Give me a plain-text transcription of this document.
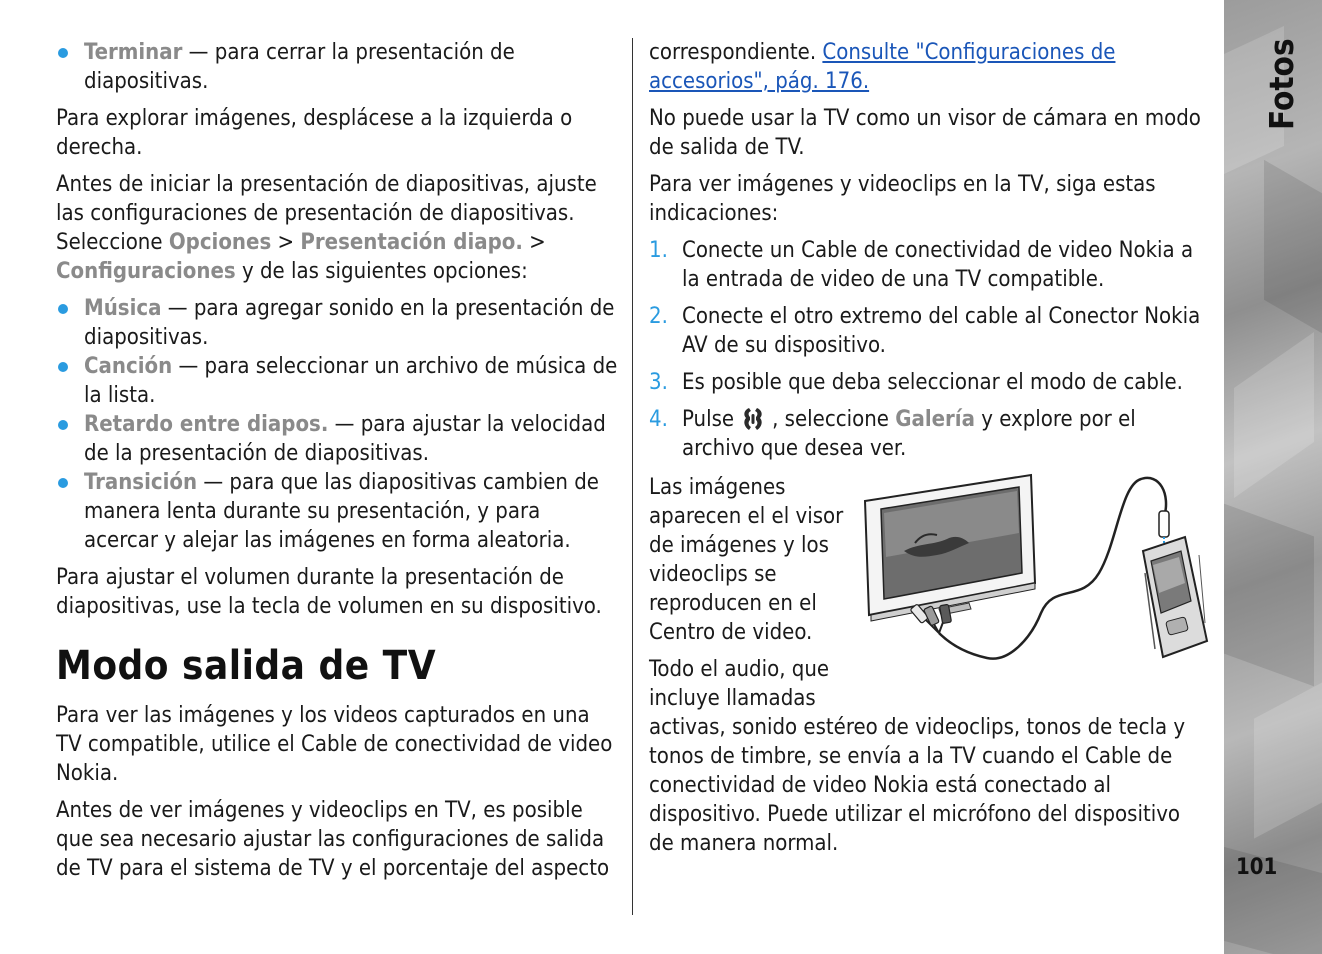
Terminar — para cerrar la presentación de diapositivas.

Para explorar imágenes, desplácese a la izquierda o derecha.

Antes de iniciar la presentación de diapositivas, ajuste las configuraciones de presentación de diapositivas. Seleccione Opciones > Presentación diapo. > Configuraciones y de las siguientes opciones:

Música — para agregar sonido en la presentación de diapositivas.
Canción — para seleccionar un archivo de música de la lista.
Retardo entre diapos. — para ajustar la velocidad de la presentación de diapositivas.
Transición — para que las diapositivas cambien de manera lenta durante su presentación, y para acercar y alejar las imágenes en forma aleatoria.

Para ajustar el volumen durante la presentación de diapositivas, use la tecla de volumen en su dispositivo.

Modo salida de TV

Para ver las imágenes y los videos capturados en una TV compatible, utilice el Cable de conectividad de video Nokia.

Antes de ver imágenes y videoclips en TV, es posible que sea necesario ajustar las configuraciones de salida de TV para el sistema de TV y el porcentaje del aspecto

correspondiente. Consulte "Configuraciones de accesorios", pág. 176.

No puede usar la TV como un visor de cámara en modo de salida de TV.

Para ver imágenes y videoclips en la TV, siga estas indicaciones:

1. Conecte un Cable de conectividad de video Nokia a la entrada de video de una TV compatible.
2. Conecte el otro extremo del cable al Conector Nokia AV de su dispositivo.
3. Es posible que deba seleccionar el modo de cable.
4. Pulse , seleccione Galería y explore por el archivo que desea ver.

Las imágenes aparecen el el visor de imágenes y los videoclips se reproducen en el Centro de video.

Todo el audio, que incluye llamadas

activas, sonido estéreo de videoclips, tonos de tecla y tonos de timbre, se envía a la TV cuando el Cable de conectividad de video Nokia está conectado al dispositivo. Puede utilizar el micrófono del dispositivo de manera normal.

Fotos
101
